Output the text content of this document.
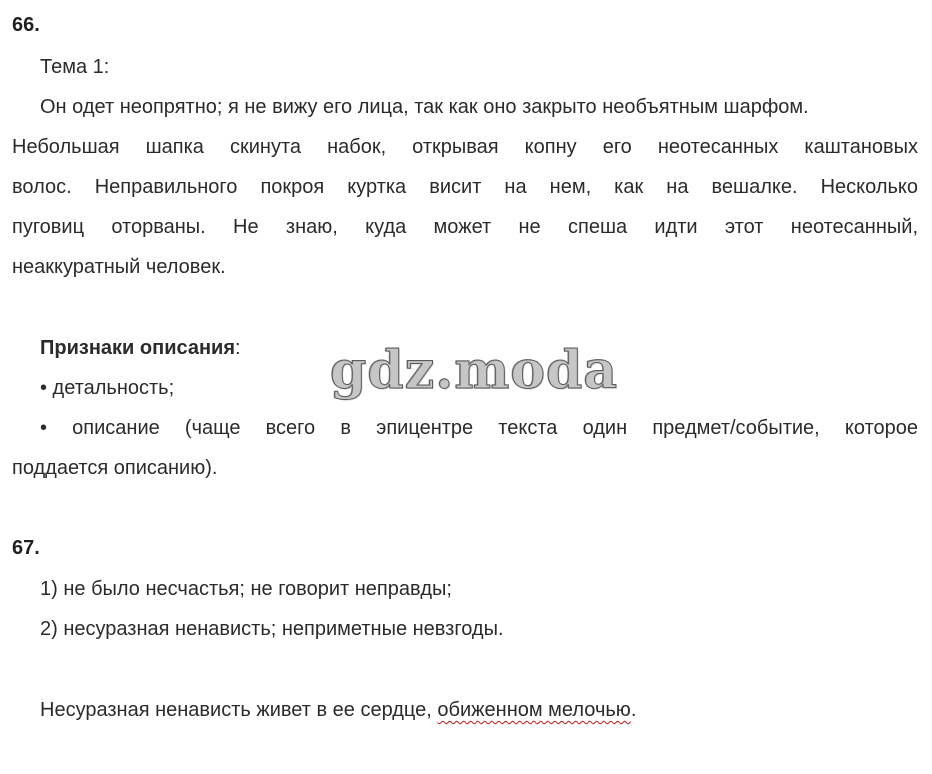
66.
Тема 1:
Он одет неопрятно; я не вижу его лица, так как оно закрыто необъятным шарфом.
Небольшая шапка скинута набок, открывая копну его неотесанных каштановых
волос. Неправильного покроя куртка висит на нем, как на вешалке. Несколько
пуговиц оторваны. Не знаю, куда может не спеша идти этот неотесанный,
неаккуратный человек.
Признаки описания:
• детальность;
• описание (чаще всего в эпицентре текста один предмет/событие, которое
поддается описанию).
67.
1) не было несчастья; не говорит неправды;
2) несуразная ненависть; неприметные невзгоды.
Несуразная ненависть живет в ее сердце, обиженном мелочью.
gdz.moda
